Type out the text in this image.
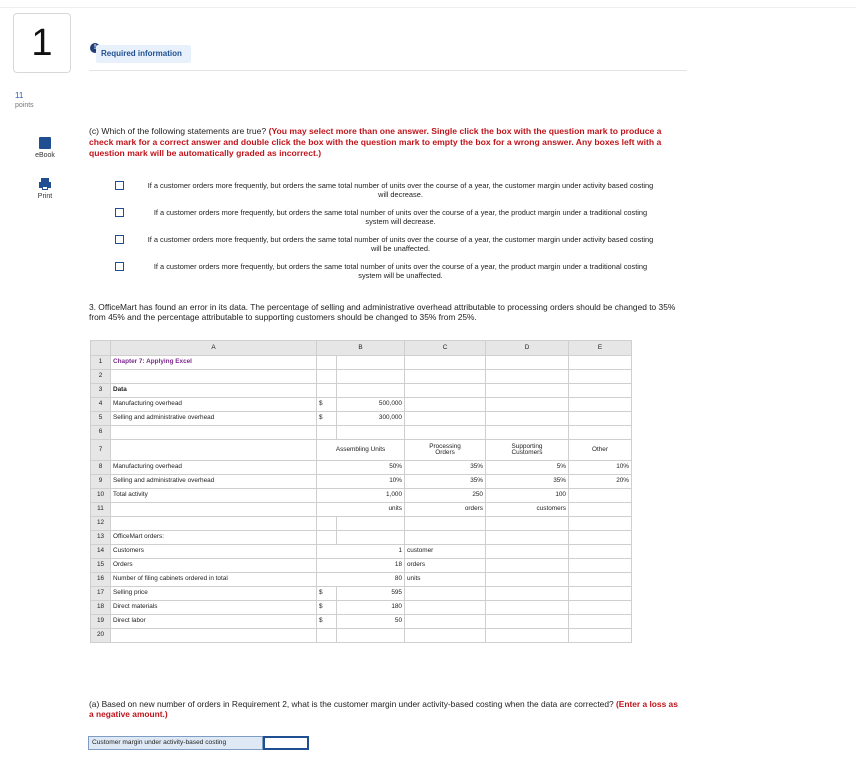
1
11
points
eBook
Print
!
Required information
(c) Which of the following statements are true? (You may select more than one answer. Single click the box with the question mark to produce a check mark for a correct answer and double click the box with the question mark to empty the box for a wrong answer. Any boxes left with a question mark will be automatically graded as incorrect.)
If a customer orders more frequently, but orders the same total number of units over the course of a year, the customer margin under activity based costing will decrease.
If a customer orders more frequently, but orders the same total number of units over the course of a year, the product margin under a traditional costing system will decrease.
If a customer orders more frequently, but orders the same total number of units over the course of a year, the customer margin under activity based costing will be unaffected.
If a customer orders more frequently, but orders the same total number of units over the course of a year, the product margin under a traditional costing system will be unaffected.
3. OfficeMart has found an error in its data. The percentage of selling and administrative overhead attributable to processing orders should be changed to 35% from 45% and the percentage attributable to supporting customers should be changed to 35% from 25%.
	A	B		C	D	E
1	Chapter 7: Applying Excel					
2						
3	Data					
4	Manufacturing overhead	$	500,000			
5	Selling and administrative overhead	$	300,000			
6						
7		Assembling Units		Processing Orders	Supporting Customers	Other
8	Manufacturing overhead	50%		35%	5%	10%
9	Selling and administrative overhead	10%		35%	35%	20%
10	Total activity	1,000		250	100	
11		units		orders	customers	
12						
13	OfficeMart orders:					
14	Customers	1		customer		
15	Orders	18		orders		
16	Number of filing cabinets ordered in total	80		units		
17	Selling price	$	595			
18	Direct materials	$	180			
19	Direct labor	$	50			
20						
(a) Based on new number of orders in Requirement 2, what is the customer margin under activity-based costing when the data are corrected? (Enter a loss as a negative amount.)
Customer margin under activity-based costing
